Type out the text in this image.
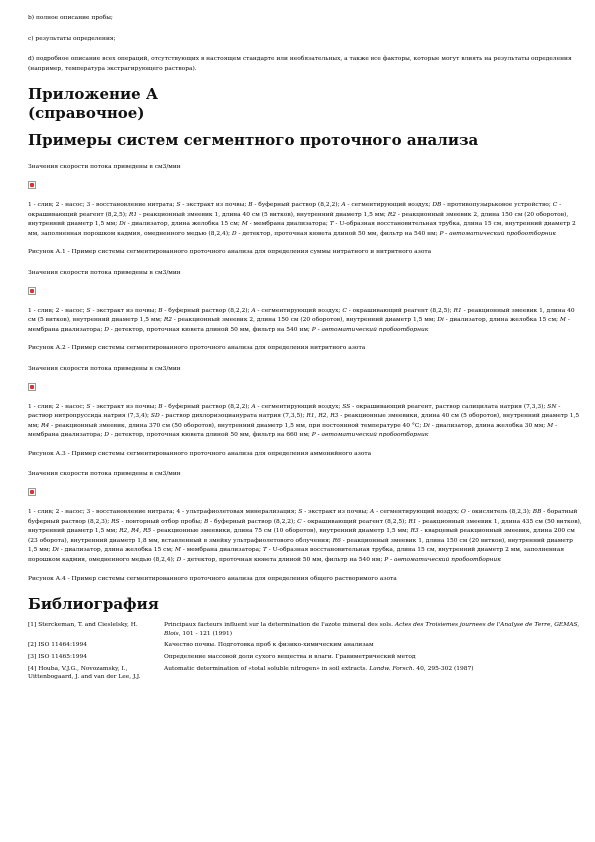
b) полное описание пробы;
c) результаты определения;
d) подробное описание всех операций, отсутствующих в настоящем стандарте или необязательных, а также все факторы, которые могут влиять на результаты определения (например, температура экстрагирующего раствора).
Приложение А
(справочное)
Примеры систем сегментного проточного анализа

Значения скорости потока приведены в см3/мин

1 - слив; 2 - насос; 3 - восстановление нитрата; S - экстракт из почвы; B - буферный раствор (8,2,2); A - сегментирующий воздух; DB - противопузырьковое устройство; C - окрашивающий реагент (8,2,5); R1 - реакционный змеевик 1, длина 40 см (5 витков), внутренний диаметр 1,5 мм; R2 - реакционный змеевик 2, длина 150 см (20 оборотов), внутренний диаметр 1,5 мм; Di - диализатор, длина желобка 15 см; M - мембрана диализатора; T - U-образная восстановительная трубка, длина 15 см, внутренний диаметр 2 мм, заполненная порошком кадмия, омедненного медью (8,2,4); D - детектор, проточная кювета длиной 50 мм, фильтр на 540 нм; P - автоматический пробоотборник

Рисунок А.1 - Пример системы сегментированного проточного анализа для определения суммы нитратного и нитритного азота

Значения скорости потока приведены в см3/мин

1 - слив; 2 - насос; S - экстракт из почвы; B - буферный раствор (8,2,2); A - сегментирующий воздух; C - окрашивающий реагент (8,2,5); R1 - реакционный змеевик 1, длина 40 см (5 витков), внутренний диаметр 1,5 мм; R2 - реакционный змеевик 2, длина 150 см (20 оборотов), внутренний диаметр 1,5 мм; Di - диализатор, длина желобка 15 см; M - мембрана диализатора; D - детектор, проточная кювета длиной 50 мм, фильтр на 540 нм; P - автоматический пробоотборник

Рисунок А.2 - Пример системы сегментированного проточного анализа для определения нитритного азота

Значения скорости потока приведены в см3/мин

1 - слив; 2 - насос; S - экстракт из почвы; B - буферный раствор (8,2,2); A - сегментирующий воздух; SS - окрашивающий реагент, раствор салицилата натрия (7,3,3); SN - раствор нитропруссида натрия (7,3,4); SD - раствор дихлоризоцианурата натрия (7,3,5); R1, R2, R3 - реакционные змеевики, длина 40 см (5 оборотов), внутренний диаметр 1,5 мм; R4 - реакционный змеевик, длина 370 см (50 оборотов), внутренний диаметр 1,5 мм, при постоянной температуре 40 °С; Di - диализатор, длина желобка 30 мм; M - мембрана диализатора; D - детектор, проточная кювета длиной 50 мм, фильтр на 660 нм; P - автоматический пробоотборник

Рисунок А.3 - Пример системы сегментированного проточного анализа для определения аммонийного азота

Значения скорости потока приведены в см3/мин

1 - слив; 2 - насос; 3 - восстановление нитрата; 4 - ультрафиолетовая минерализация; S - экстракт из почвы; A - сегментирующий воздух; O - окислитель (8,2,3); BB - боратный буферный раствор (8,2,3); RS - повторный отбор пробы; B - буферный раствор (8,2,2); C - окрашивающий реагент (8,2,5); R1 - реакционный змеевик 1, длина 435 см (50 витков), внутренний диаметр 1,5 мм; R2, R4, R5 - реакционные змеевики, длина 75 см (10 оборотов), внутренний диаметр 1,5 мм; R3 - кварцевый реакционный змеевик, длина 200 см (23 оборота), внутренний диаметр 1,8 мм, вставленный в змейку ультрафиолетового облучения; R6 - реакционный змеевик 1, длина 150 см (20 витков), внутренний диаметр 1,5 мм; Di - диализатор, длина желобка 15 см; M - мембрана диализатора; T - U-образная восстановительная трубка, длина 15 см, внутренний диаметр 2 мм, заполненная порошком кадмия, омедненного медью (8,2,4); D - детектор, проточная кювета длиной 50 мм, фильтр на 540 нм; P - автоматический пробоотборник

Рисунок А.4 - Пример системы сегментированного проточного анализа для определения общего растворимого азота

Библиография
[1] Sterckeman, T. and Cieslelsky, H.	Principaux facteurs influent sur la determination de l'azote mineral des sols. Actes des Troisiemes journees de l'Analyse de Terre, GEMAS, Blois, 101 - 121 (1991)
[2] ISO 11464:1994	Качество почвы. Подготовка проб к физико-химическим анализам
[3] ISO 11465:1994	Определение массовой доли сухого вещества и влаги. Гравиметрический метод
[4] Houba, V.J.G., Novozamsky, I., Uittenbogaard, J. and van der Lee, J.J.	Automatic determination of «total soluble nitrogen» in soil extracts. Landw. Forsch. 40, 295-302 (1987)
